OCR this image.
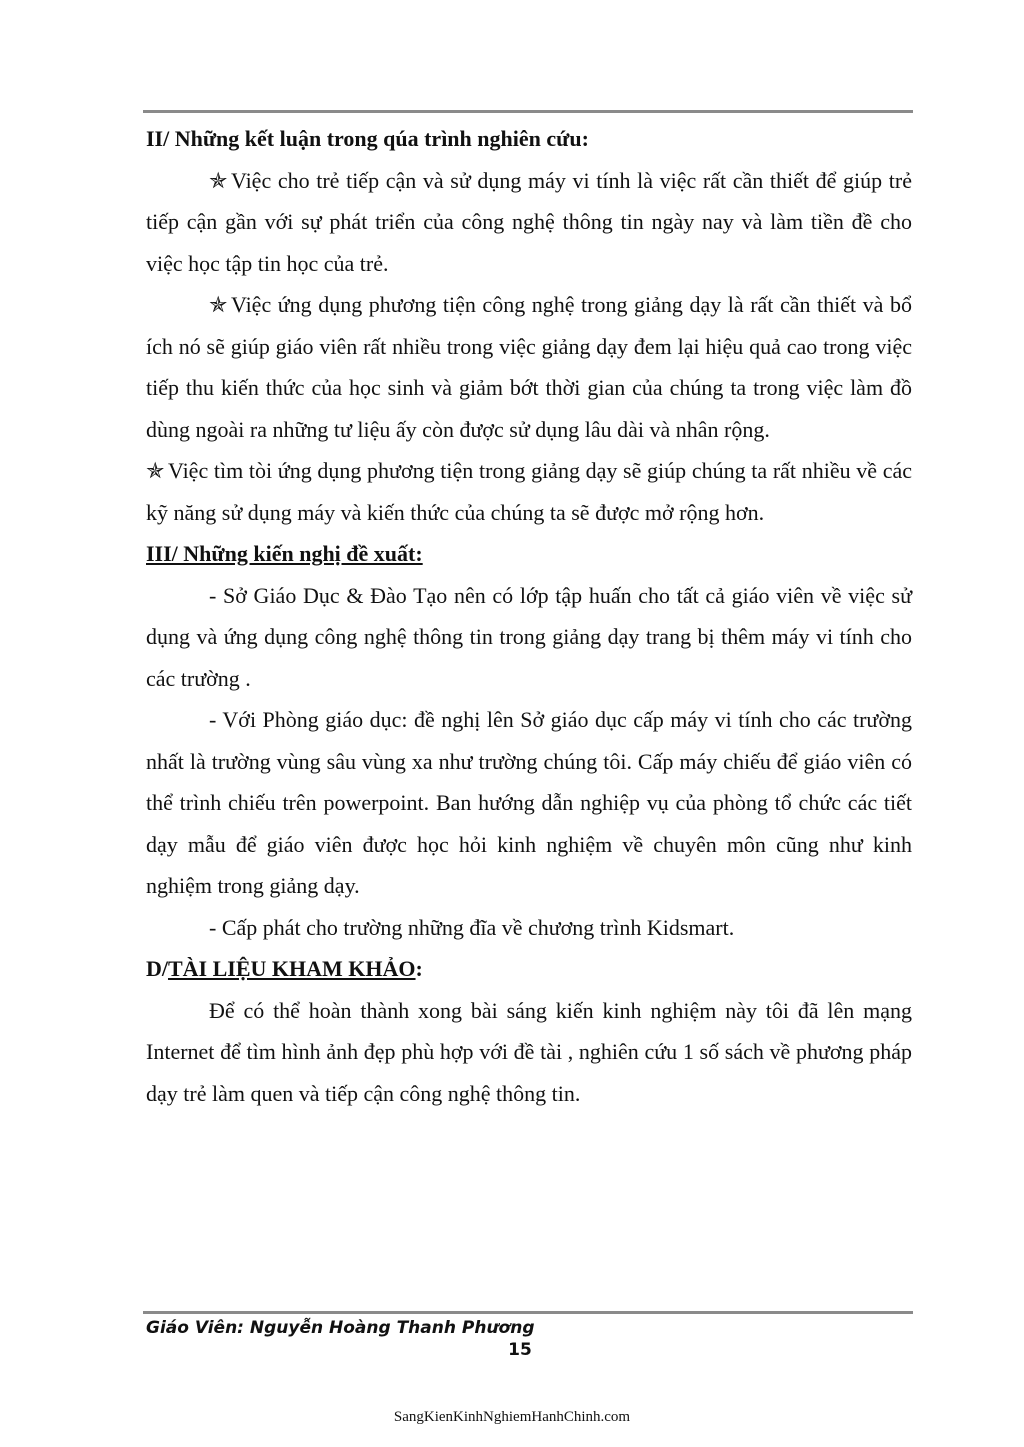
II/ Những kết luận trong qúa trình nghiên cứu:

✯ Việc cho trẻ tiếp cận và sử dụng máy vi tính là việc rất cần thiết để giúp trẻ tiếp cận gần với sự phát triển của công nghệ thông tin ngày nay và làm tiền đề cho việc học tập tin học của trẻ.

✯ Việc ứng dụng phương tiện công nghệ trong giảng dạy là rất cần thiết và bổ ích nó sẽ giúp giáo viên rất nhiều trong việc giảng dạy đem lại hiệu quả cao trong việc tiếp thu kiến thức của học sinh và giảm bớt thời gian của chúng ta trong việc làm đồ dùng ngoài ra những tư liệu ấy còn được sử dụng lâu dài và nhân rộng.

✯ Việc tìm tòi ứng dụng phương tiện trong giảng dạy sẽ giúp chúng ta rất nhiều về các kỹ năng sử dụng máy và kiến thức của chúng ta sẽ được mở rộng hơn.

III/ Những kiến nghị đề xuất:

- Sở Giáo Dục & Đào Tạo nên có lớp tập huấn cho tất cả giáo viên về việc sử dụng và ứng dụng công nghệ thông tin trong giảng dạy trang bị thêm máy vi tính cho các trường .

- Với Phòng giáo dục: đề nghị lên Sở giáo dục cấp máy vi tính cho các trường nhất là trường vùng sâu vùng xa như trường chúng tôi. Cấp máy chiếu để giáo viên có thể trình chiếu trên powerpoint. Ban hướng dẫn nghiệp vụ của phòng tổ chức các tiết dạy mẫu để giáo viên được học hỏi kinh nghiệm về chuyên môn cũng như kinh nghiệm trong giảng dạy.

- Cấp phát cho trường những đĩa về chương trình Kidsmart.

D/TÀI LIỆU KHAM KHẢO:

Để có thể hoàn thành xong bài sáng kiến kinh nghiệm này tôi đã lên mạng Internet để tìm hình ảnh đẹp phù hợp với đề tài , nghiên cứu 1 số sách về phương pháp dạy trẻ làm quen và tiếp cận công nghệ thông tin.

Giáo Viên: Nguyễn Hoàng Thanh Phương
15
SangKienKinhNghiemHanhChinh.com
